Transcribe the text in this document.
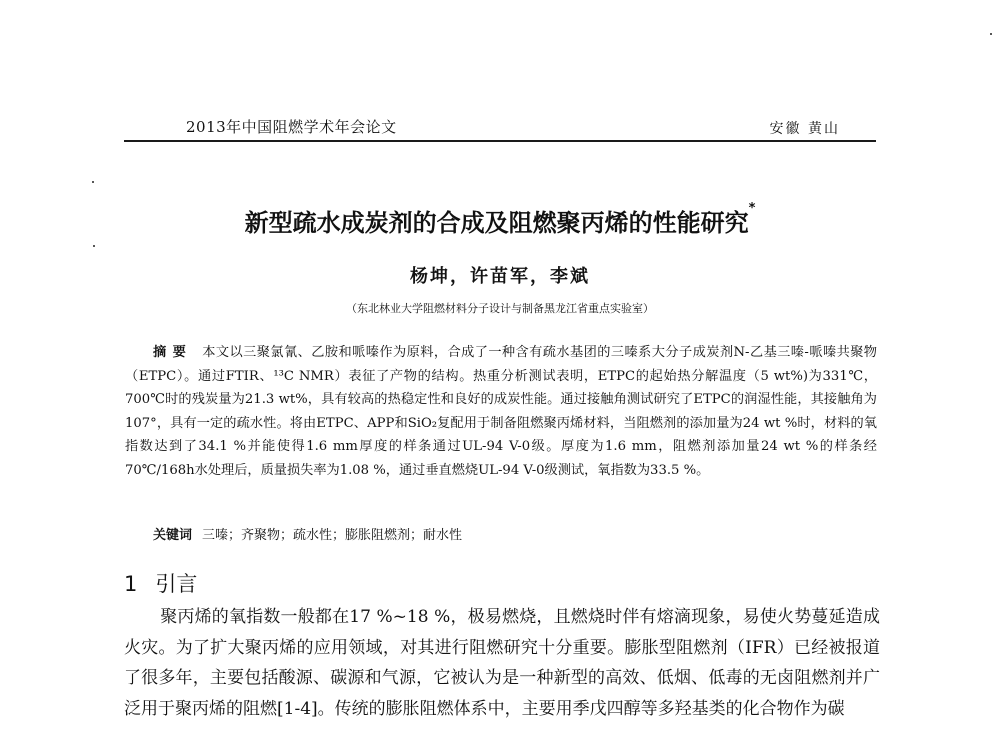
2013年中国阻燃学术年会论文	安徽 黄山
新型疏水成炭剂的合成及阻燃聚丙烯的性能研究*
杨坤，许苗军，李斌
（东北林业大学阻燃材料分子设计与制备黑龙江省重点实验室）
摘要 本文以三聚氯氰、乙胺和哌嗪作为原料，合成了一种含有疏水基团的三嗪系大分子成炭剂N-乙基三嗪-哌嗪共聚物（ETPC）。通过FTIR、¹³C NMR）表征了产物的结构。热重分析测试表明，ETPC的起始热分解温度（5 wt%)为331℃，700℃时的残炭量为21.3 wt%，具有较高的热稳定性和良好的成炭性能。通过接触角测试研究了ETPC的润湿性能，其接触角为107°，具有一定的疏水性。将由ETPC、APP和SiO₂复配用于制备阻燃聚丙烯材料，当阻燃剂的添加量为24 wt %时，材料的氧指数达到了34.1 %并能使得1.6 mm厚度的样条通过UL-94 V-0级。厚度为1.6 mm，阻燃剂添加量24 wt %的样条经70℃/168h水处理后，质量损失率为1.08 %，通过垂直燃烧UL-94 V-0级测试，氧指数为33.5 %。
关键词 三嗪；齐聚物；疏水性；膨胀阻燃剂；耐水性
1 引言
聚丙烯的氧指数一般都在17 %~18 %，极易燃烧，且燃烧时伴有熔滴现象，易使火势蔓延造成火灾。为了扩大聚丙烯的应用领域，对其进行阻燃研究十分重要。膨胀型阻燃剂（IFR）已经被报道了很多年，主要包括酸源、碳源和气源，它被认为是一种新型的高效、低烟、低毒的无卤阻燃剂并广泛用于聚丙烯的阻燃[1-4]。传统的膨胀阻燃体系中，主要用季戊四醇等多羟基类的化合物作为碳
